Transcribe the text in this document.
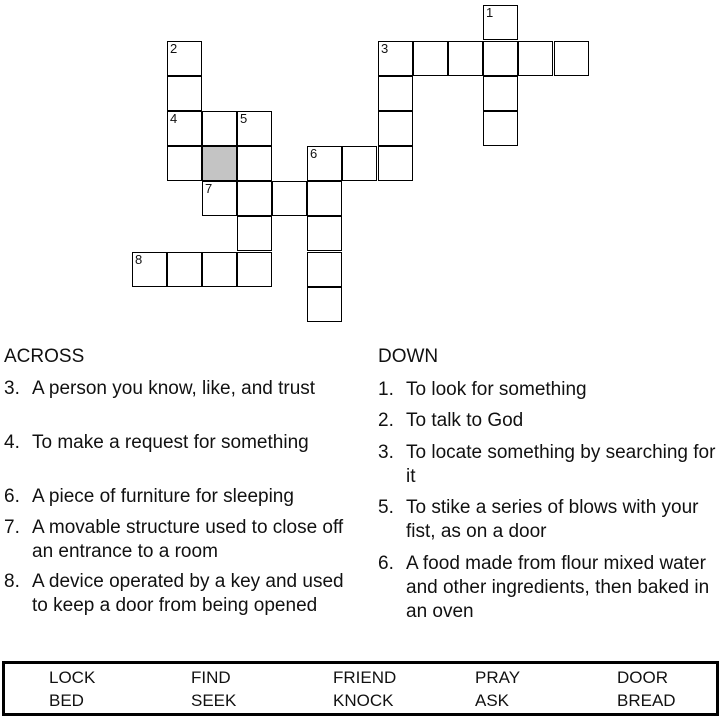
1
2	3
4	5
6
7
8
ACROSS	DOWN
3. A person you know, like, and trust
4. To make a request for something
6. A piece of furniture for sleeping
7. A movable structure used to close off an entrance to a room
8. A device operated by a key and used to keep a door from being opened
1. To look for something
2. To talk to God
3. To locate something by searching for it
5. To stike a series of blows with your fist, as on a door
6. A food made from flour mixed water and other ingredients, then baked in an oven
LOCK	FIND	FRIEND	PRAY	DOOR
BED	SEEK	KNOCK	ASK	BREAD
